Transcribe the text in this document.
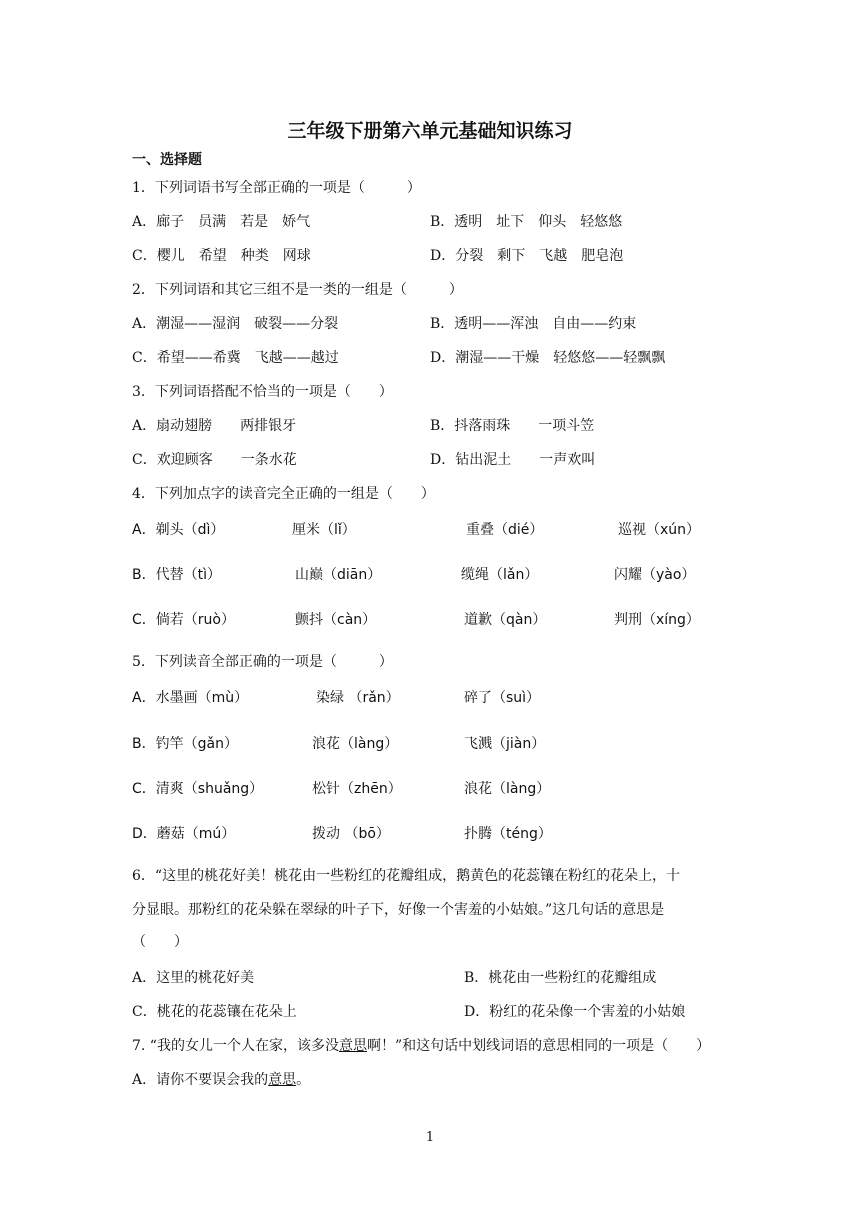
三年级下册第六单元基础知识练习
一、选择题
1．下列词语书写全部正确的一项是（　　　）
A．廊子　 员满　 若是　 娇气	B．透明　 址下　 仰头　 轻悠悠
C．樱儿　 希望　 种类　 网球	D．分裂　 剩下　 飞越　 肥皂泡
2．下列词语和其它三组不是一类的一组是（　　　）
A．潮湿——湿润　破裂——分裂	B．透明——浑浊　自由——约束
C．希望——希冀　飞越——越过	D．潮湿——干燥　轻悠悠——轻飘飘
3．下列词语搭配不恰当的一项是（　　）
A．扇动翅膀　　两排银牙	B．抖落雨珠　　一项斗笠
C．欢迎顾客　　一条水花	D．钻出泥土　　一声欢叫
4．下列加点字的读音完全正确的一组是（　　）
A．剃头（dì）	厘米（lǐ）	重叠（dié）	巡视（xún）
B．代替（tì）	山巅（diān）	缆绳（lǎn）	闪耀（yào）
C．倘若（ruò）	颤抖（càn）	道歉（qàn）	判刑（xíng）
5．下列读音全部正确的一项是（　　　）
A．水墨画（mù）	染绿 （rǎn）	碎了（suì）
B．钓竿（gǎn）	浪花（làng）	飞溅（jiàn）
C．清爽（shuǎng）	松针（zhēn）	浪花（làng）
D．蘑菇（mú）	拨动 （bō）	扑腾（téng）
6．“这里的桃花好美！桃花由一些粉红的花瓣组成，鹅黄色的花蕊镶在粉红的花朵上，十
分显眼。那粉红的花朵躲在翠绿的叶子下，好像一个害羞的小姑娘。”这几句话的意思是
（　　）
A．这里的桃花好美	B．桃花由一些粉红的花瓣组成
C．桃花的花蕊镶在花朵上	D．粉红的花朵像一个害羞的小姑娘
7. “我的女儿一个人在家，该多没意思啊！”和这句话中划线词语的意思相同的一项是（　　）
A．请你不要误会我的意思。
1
